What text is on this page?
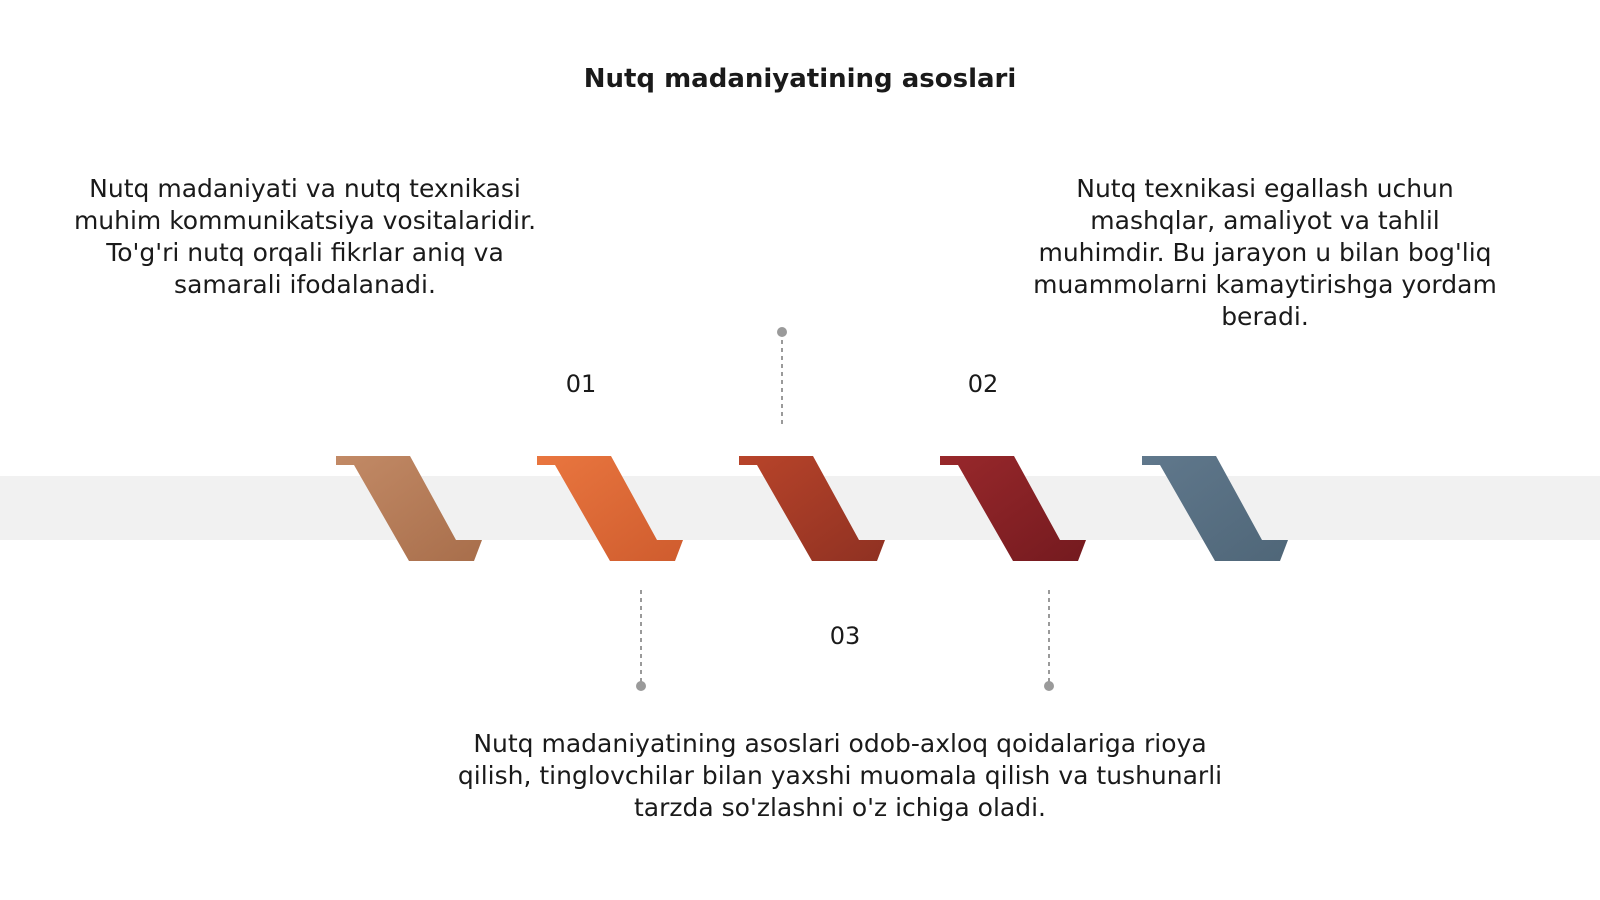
Nutq madaniyatining asoslari
Nutq madaniyati va nutq texnikasi muhim kommunikatsiya vositalaridir. To'g'ri nutq orqali fikrlar aniq va samarali ifodalanadi.
Nutq texnikasi egallash uchun mashqlar, amaliyot va tahlil muhimdir. Bu jarayon u bilan bog'liq muammolarni kamaytirishga yordam beradi.
Nutq madaniyatining asoslari odob-axloq qoidalariga rioya qilish, tinglovchilar bilan yaxshi muomala qilish va tushunarli tarzda so'zlashni o'z ichiga oladi.
01	02
03
